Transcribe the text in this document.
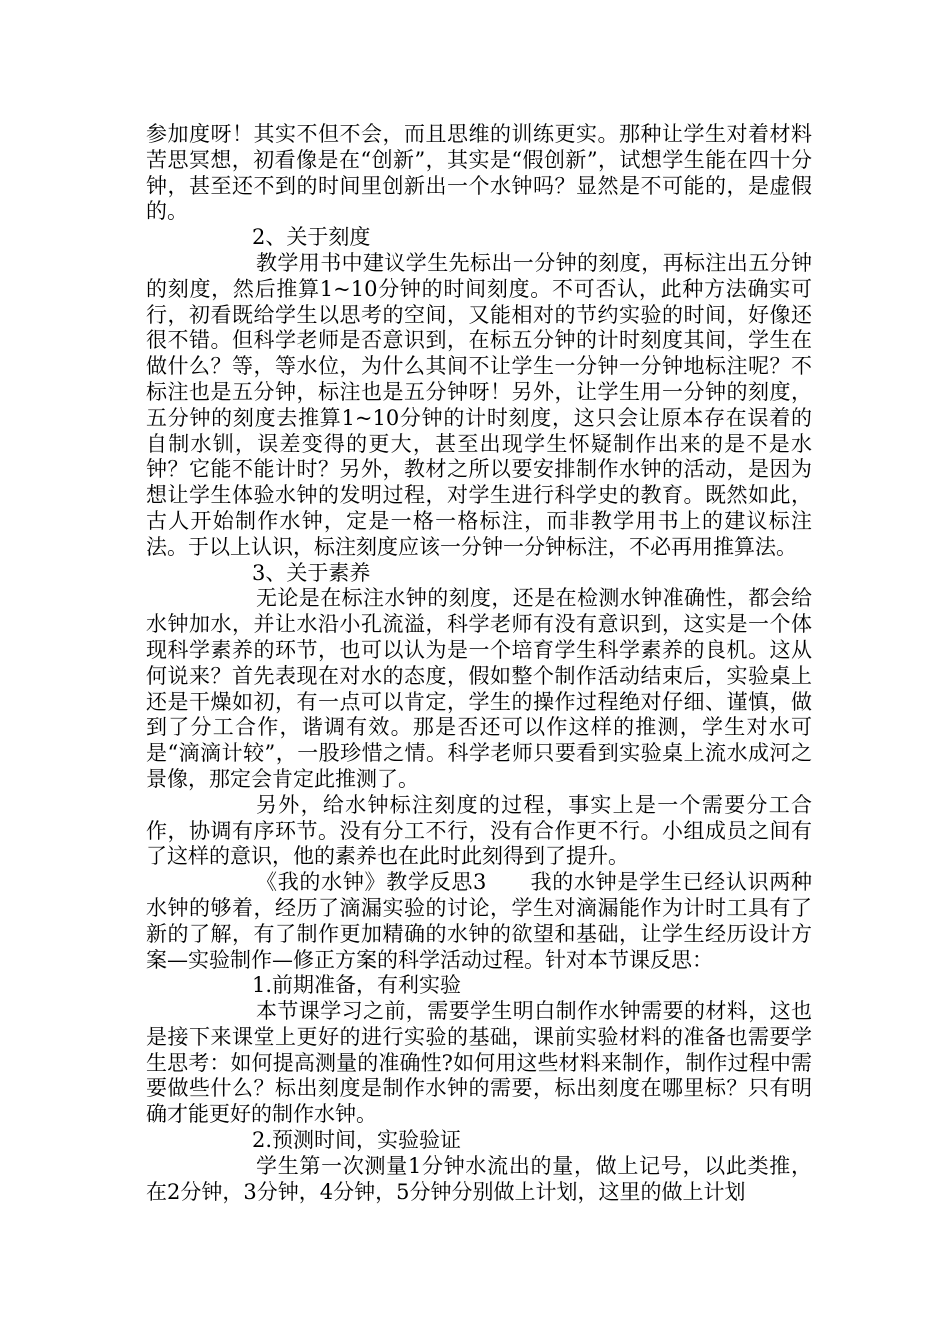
参加度呀！其实不但不会，而且思维的训练更实。那种让学生对着材料苦思冥想，初看像是在“创新”，其实是“假创新”，试想学生能在四十分钟，甚至还不到的时间里创新出一个水钟吗？显然是不可能的，是虚假的。

2、关于刻度

教学用书中建议学生先标出一分钟的刻度，再标注出五分钟的刻度，然后推算1~10分钟的时间刻度。不可否认，此种方法确实可行，初看既给学生以思考的空间，又能相对的节约实验的时间，好像还很不错。但科学老师是否意识到，在标五分钟的计时刻度其间，学生在做什么？等，等水位，为什么其间不让学生一分钟一分钟地标注呢？不标注也是五分钟，标注也是五分钟呀！另外，让学生用一分钟的刻度，五分钟的刻度去推算1~10分钟的计时刻度，这只会让原本存在误着的自制水钏，误差变得的更大，甚至出现学生怀疑制作出来的是不是水钟？它能不能计时？另外，教材之所以要安排制作水钟的活动，是因为想让学生体验水钟的发明过程，对学生进行科学史的教育。既然如此，古人开始制作水钟，定是一格一格标注，而非教学用书上的建议标注法。于以上认识，标注刻度应该一分钟一分钟标注，不必再用推算法。

3、关于素养

无论是在标注水钟的刻度，还是在检测水钟准确性，都会给水钟加水，并让水沿小孔流溢，科学老师有没有意识到，这实是一个体现科学素养的环节，也可以认为是一个培育学生科学素养的良机。这从何说来？首先表现在对水的态度，假如整个制作活动结束后，实验桌上还是干燥如初，有一点可以肯定，学生的操作过程绝对仔细、谨慎，做到了分工合作，谐调有效。那是否还可以作这样的推测，学生对水可是“滴滴计较”，一股珍惜之情。科学老师只要看到实验桌上流水成河之景像，那定会肯定此推测了。

另外，给水钟标注刻度的过程，事实上是一个需要分工合作，协调有序环节。没有分工不行，没有合作更不行。小组成员之间有了这样的意识，他的素养也在此时此刻得到了提升。

《我的水钟》教学反思3　　我的水钟是学生已经认识两种水钟的够着，经历了滴漏实验的讨论，学生对滴漏能作为计时工具有了新的了解，有了制作更加精确的水钟的欲望和基础，让学生经历设计方案—实验制作—修正方案的科学活动过程。针对本节课反思：

1.前期准备，有利实验

本节课学习之前，需要学生明白制作水钟需要的材料，这也是接下来课堂上更好的进行实验的基础，课前实验材料的准备也需要学生思考：如何提高测量的准确性?如何用这些材料来制作，制作过程中需要做些什么？标出刻度是制作水钟的需要，标出刻度在哪里标？只有明确才能更好的制作水钟。

2.预测时间，实验验证

学生第一次测量1分钟水流出的量，做上记号，以此类推，在2分钟，3分钟，4分钟，5分钟分别做上计划，这里的做上计划
